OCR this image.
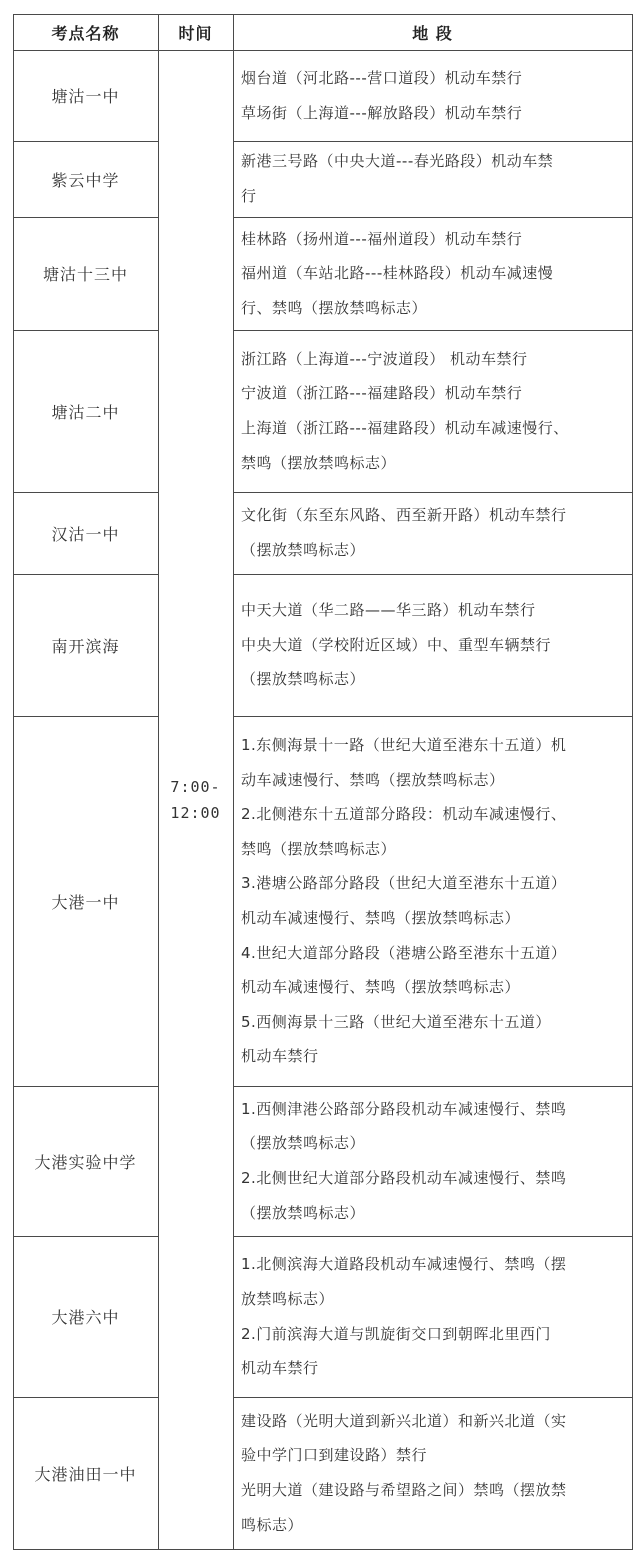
考点名称	时间	地 段
7:00-
12:00
塘沽一中
烟台道（河北路---营口道段）机动车禁行
草场街（上海道---解放路段）机动车禁行
紫云中学
新港三号路（中央大道---春光路段）机动车禁
行
塘沽十三中
桂林路（扬州道---福州道段）机动车禁行
福州道（车站北路---桂林路段）机动车减速慢
行、禁鸣（摆放禁鸣标志）
塘沽二中
浙江路（上海道---宁波道段） 机动车禁行
宁波道（浙江路---福建路段）机动车禁行
上海道（浙江路---福建路段）机动车减速慢行、
禁鸣（摆放禁鸣标志）
汉沽一中
文化街（东至东风路、西至新开路）机动车禁行
（摆放禁鸣标志）
南开滨海
中天大道（华二路——华三路）机动车禁行
中央大道（学校附近区域）中、重型车辆禁行
（摆放禁鸣标志）
大港一中
1.东侧海景十一路（世纪大道至港东十五道）机
动车减速慢行、禁鸣（摆放禁鸣标志）
2.北侧港东十五道部分路段：机动车减速慢行、
禁鸣（摆放禁鸣标志）
3.港塘公路部分路段（世纪大道至港东十五道）
机动车减速慢行、禁鸣（摆放禁鸣标志）
4.世纪大道部分路段（港塘公路至港东十五道）
机动车减速慢行、禁鸣（摆放禁鸣标志）
5.西侧海景十三路（世纪大道至港东十五道）
机动车禁行
大港实验中学
1.西侧津港公路部分路段机动车减速慢行、禁鸣
（摆放禁鸣标志）
2.北侧世纪大道部分路段机动车减速慢行、禁鸣
（摆放禁鸣标志）
大港六中
1.北侧滨海大道路段机动车减速慢行、禁鸣（摆
放禁鸣标志）
2.门前滨海大道与凯旋街交口到朝晖北里西门
机动车禁行
大港油田一中
建设路（光明大道到新兴北道）和新兴北道（实
验中学门口到建设路）禁行
光明大道（建设路与希望路之间）禁鸣（摆放禁
鸣标志）
